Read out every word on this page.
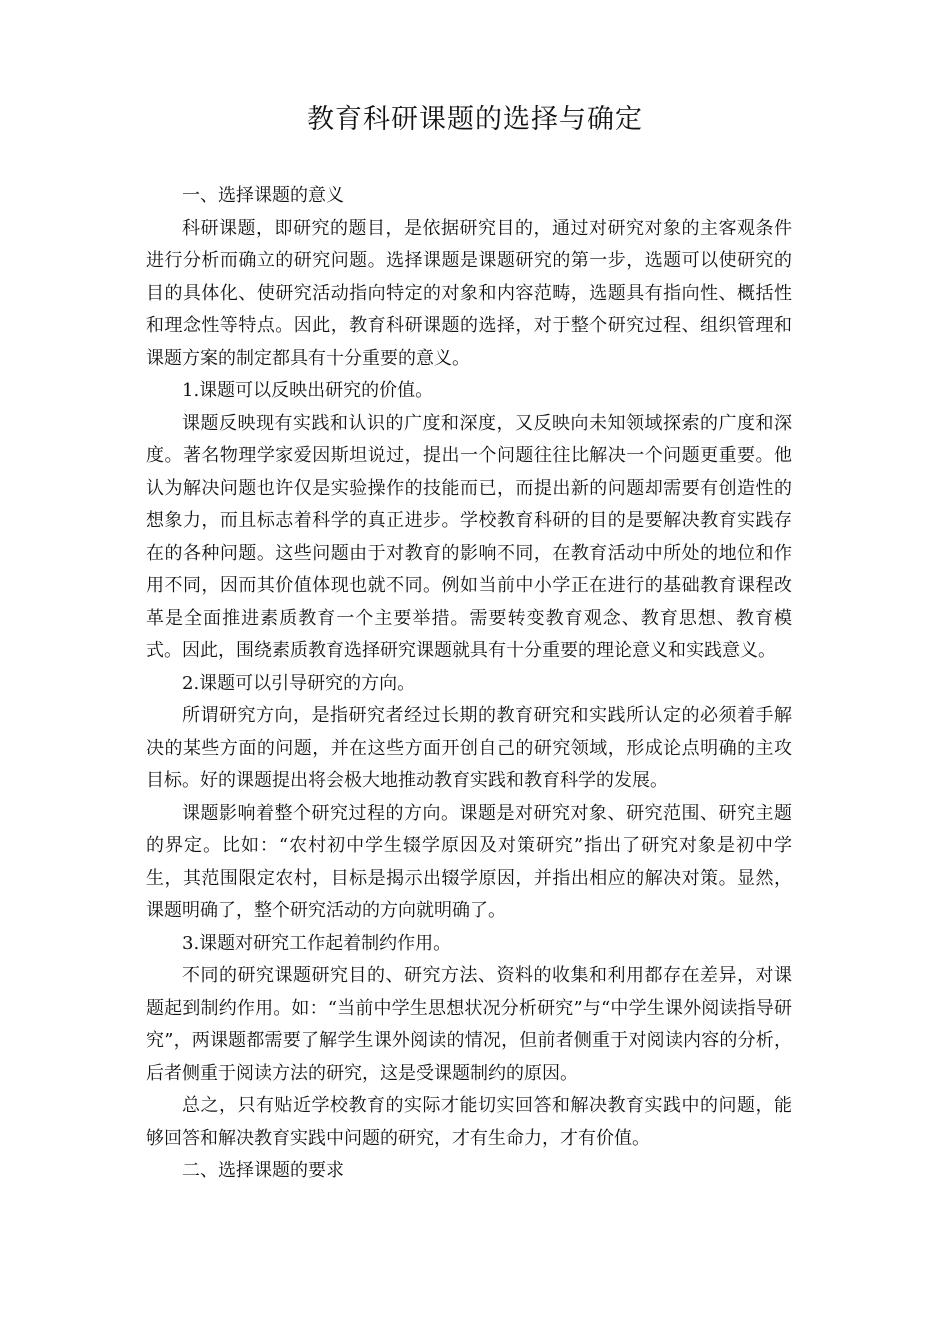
教育科研课题的选择与确定

一、选择课题的意义

科研课题，即研究的题目，是依据研究目的，通过对研究对象的主客观条件进行分析而确立的研究问题。选择课题是课题研究的第一步，选题可以使研究的目的具体化、使研究活动指向特定的对象和内容范畴，选题具有指向性、概括性和理念性等特点。因此，教育科研课题的选择，对于整个研究过程、组织管理和课题方案的制定都具有十分重要的意义。

1.课题可以反映出研究的价值。

课题反映现有实践和认识的广度和深度，又反映向未知领域探索的广度和深度。著名物理学家爱因斯坦说过，提出一个问题往往比解决一个问题更重要。他认为解决问题也许仅是实验操作的技能而已，而提出新的问题却需要有创造性的想象力，而且标志着科学的真正进步。学校教育科研的目的是要解决教育实践存在的各种问题。这些问题由于对教育的影响不同，在教育活动中所处的地位和作用不同，因而其价值体现也就不同。例如当前中小学正在进行的基础教育课程改革是全面推进素质教育一个主要举措。需要转变教育观念、教育思想、教育模式。因此，围绕素质教育选择研究课题就具有十分重要的理论意义和实践意义。

2.课题可以引导研究的方向。

所谓研究方向，是指研究者经过长期的教育研究和实践所认定的必须着手解决的某些方面的问题，并在这些方面开创自己的研究领域，形成论点明确的主攻目标。好的课题提出将会极大地推动教育实践和教育科学的发展。

课题影响着整个研究过程的方向。课题是对研究对象、研究范围、研究主题的界定。比如：“农村初中学生辍学原因及对策研究”指出了研究对象是初中学生，其范围限定农村，目标是揭示出辍学原因，并指出相应的解决对策。显然，课题明确了，整个研究活动的方向就明确了。

3.课题对研究工作起着制约作用。

不同的研究课题研究目的、研究方法、资料的收集和利用都存在差异，对课题起到制约作用。如：“当前中学生思想状况分析研究”与“中学生课外阅读指导研究”，两课题都需要了解学生课外阅读的情况，但前者侧重于对阅读内容的分析，后者侧重于阅读方法的研究，这是受课题制约的原因。

总之，只有贴近学校教育的实际才能切实回答和解决教育实践中的问题，能够回答和解决教育实践中问题的研究，才有生命力，才有价值。

二、选择课题的要求
